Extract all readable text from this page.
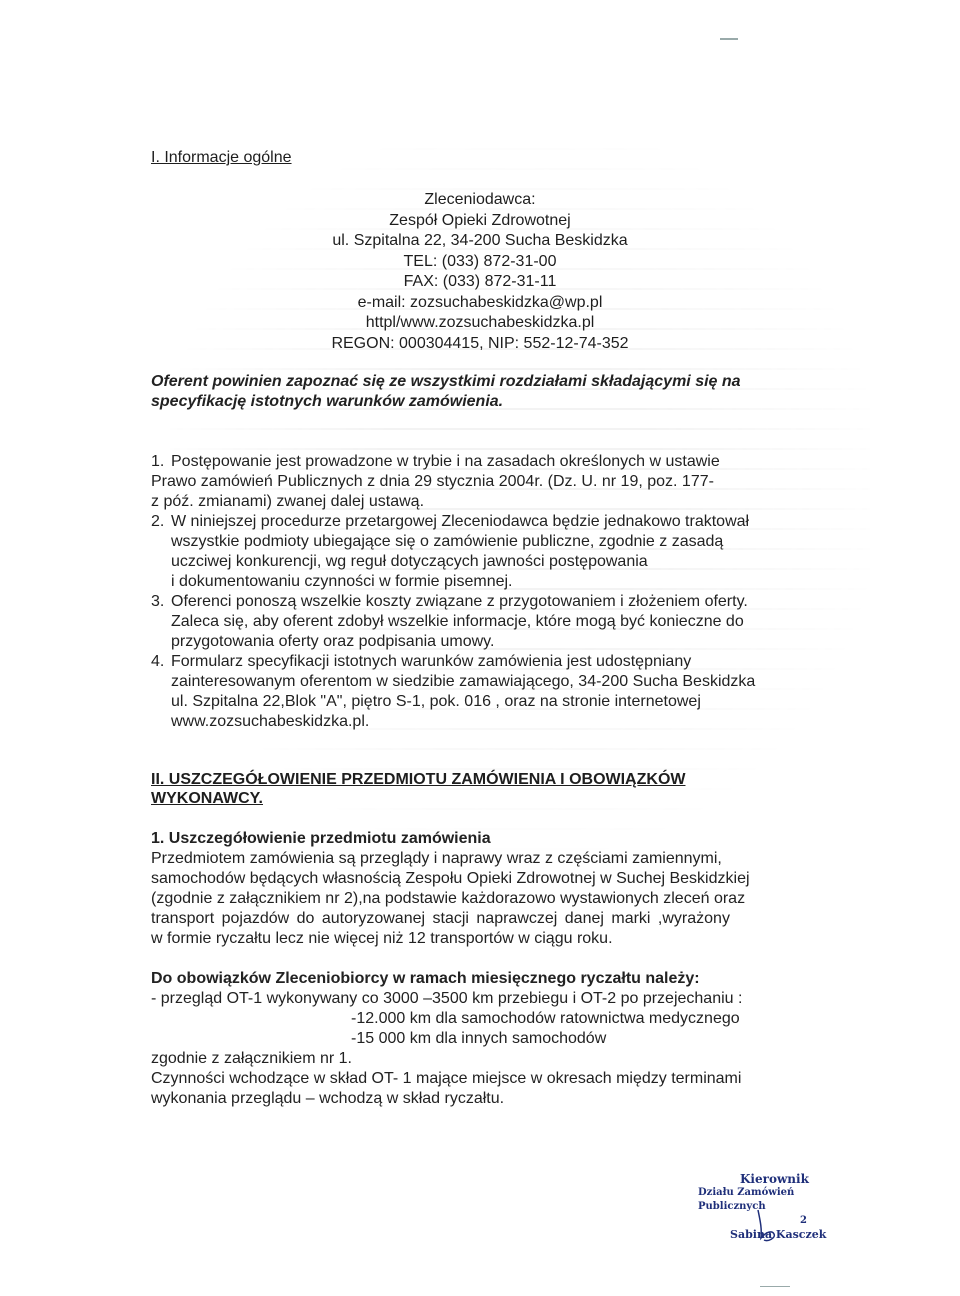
I. Informacje ogólne
Zleceniodawca:
Zespół Opieki Zdrowotnej
ul. Szpitalna 22, 34-200 Sucha Beskidzka
TEL: (033) 872-31-00
FAX: (033) 872-31-11
e-mail: zozsuchabeskidzka@wp.pl
httpl/www.zozsuchabeskidzka.pl
REGON: 000304415, NIP: 552-12-74-352
Oferent powinien zapoznać się ze wszystkimi rozdziałami składającymi się na specyfikację istotnych warunków zamówienia.
1. Postępowanie jest prowadzone w trybie i na zasadach określonych w ustawie
Prawo zamówień Publicznych z dnia 29 stycznia 2004r. (Dz. U. nr 19, poz. 177-
z póź. zmianami) zwanej dalej ustawą.
2. W niniejszej procedurze przetargowej Zleceniodawca będzie jednakowo traktował
wszystkie podmioty ubiegające się o zamówienie publiczne, zgodnie z zasadą
uczciwej konkurencji, wg reguł dotyczących jawności postępowania
i dokumentowaniu czynności w formie pisemnej.
3. Oferenci ponoszą wszelkie koszty związane z przygotowaniem i złożeniem oferty.
Zaleca się, aby oferent zdobył wszelkie informacje, które mogą być konieczne do
przygotowania oferty oraz podpisania umowy.
4. Formularz specyfikacji istotnych warunków zamówienia jest udostępniany
zainteresowanym oferentom w siedzibie zamawiającego, 34-200 Sucha Beskidzka
ul. Szpitalna 22,Blok "A", piętro S-1, pok. 016 , oraz na stronie internetowej
www.zozsuchabeskidzka.pl.
II. USZCZEGÓŁOWIENIE PRZEDMIOTU ZAMÓWIENIA I OBOWIĄZKÓW
WYKONAWCY.
1. Uszczegółowienie przedmiotu zamówienia
Przedmiotem zamówienia są przeglądy i naprawy wraz z częściami zamiennymi,
samochodów będących własnością Zespołu Opieki Zdrowotnej w Suchej Beskidzkiej
(zgodnie z załącznikiem nr 2),na podstawie każdorazowo wystawionych zleceń oraz
transport pojazdów do autoryzowanej stacji naprawczej danej marki ,wyrażony
w formie ryczałtu lecz nie więcej niż 12 transportów w ciągu roku.
Do obowiązków Zleceniobiorcy w ramach miesięcznego ryczałtu należy:
- przegląd OT-1 wykonywany co 3000 –3500 km przebiegu i OT-2 po przejechaniu :
-12.000 km dla samochodów ratownictwa medycznego
-15 000 km dla innych samochodów
zgodnie z załącznikiem nr 1.
Czynności wchodzące w skład OT- 1 mające miejsce w okresach między terminami
wykonania przeglądu – wchodzą w skład ryczałtu.
Kierownik
Działu Zamówień Publicznych
2
Sabina Kasczek
